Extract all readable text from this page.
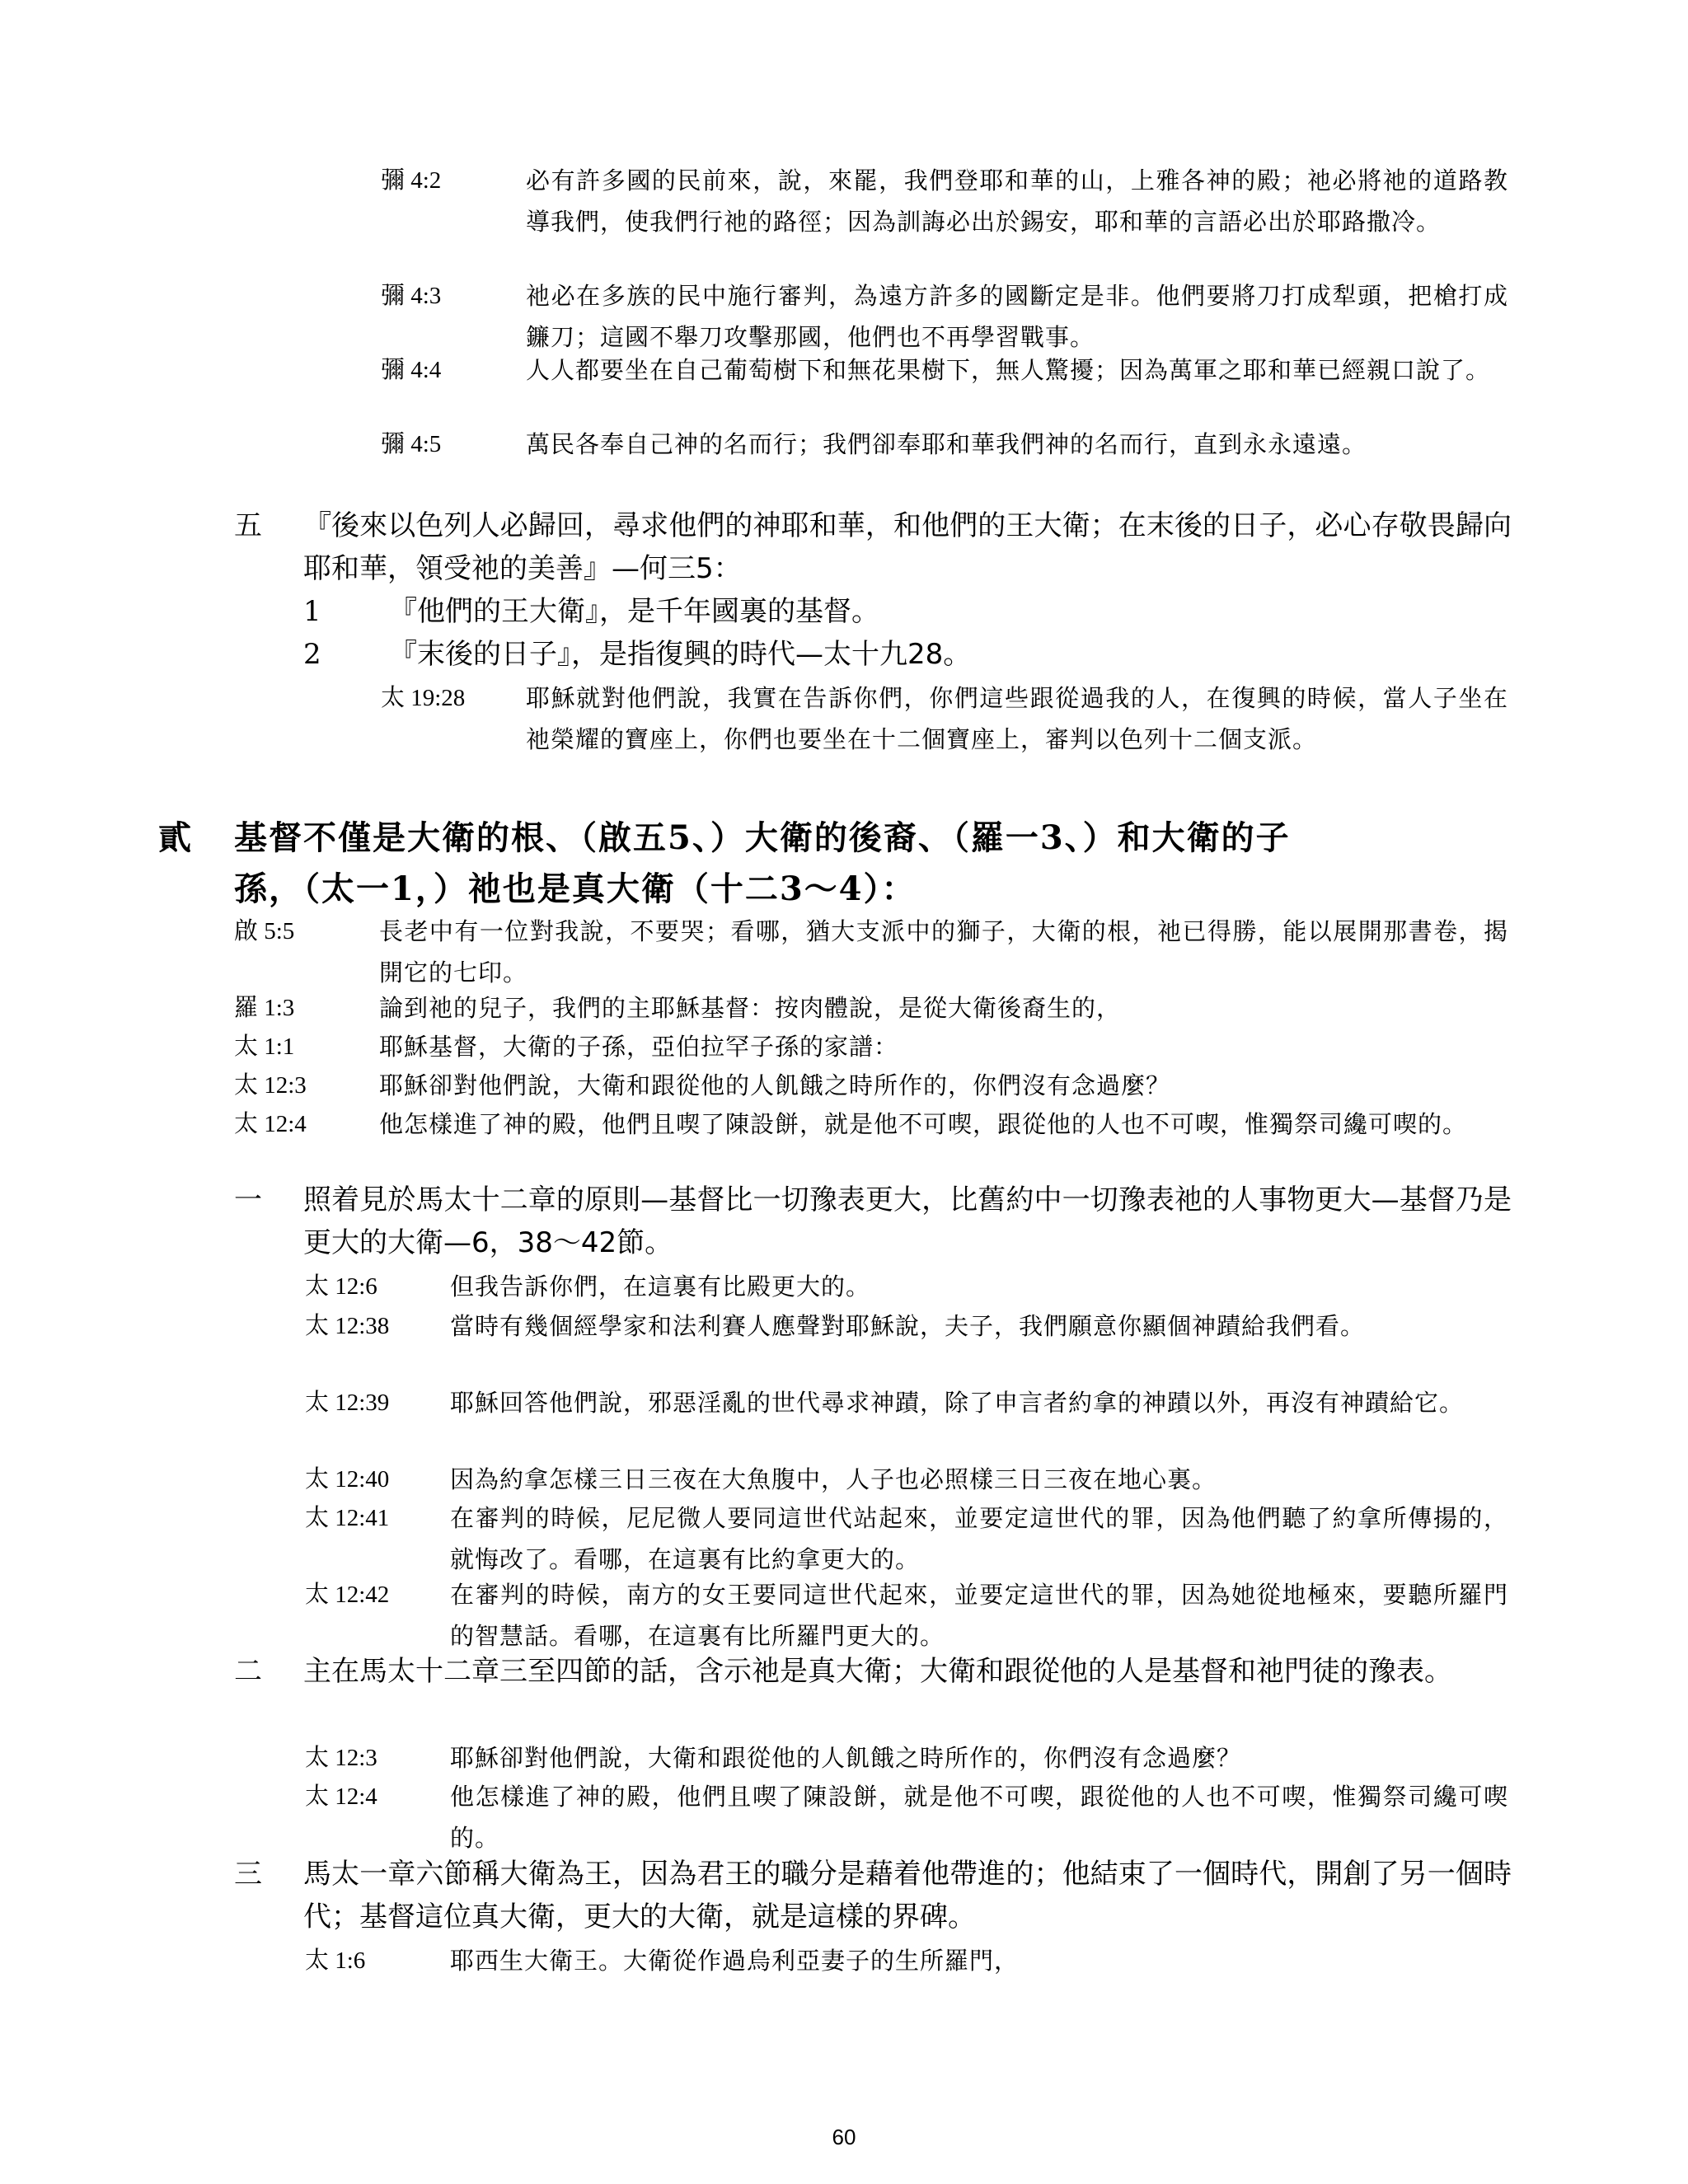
彌 4:2	必有許多國的民前來，說，來罷，我們登耶和華的山，上雅各神的殿；祂必將祂的道路教導我們，使我們行祂的路徑；因為訓誨必出於錫安，耶和華的言語必出於耶路撒冷。
彌 4:3	祂必在多族的民中施行審判，為遠方許多的國斷定是非。他們要將刀打成犁頭，把槍打成鐮刀；這國不舉刀攻擊那國，他們也不再學習戰事。
彌 4:4	人人都要坐在自己葡萄樹下和無花果樹下，無人驚擾；因為萬軍之耶和華已經親口說了。
彌 4:5	萬民各奉自己神的名而行；我們卻奉耶和華我們神的名而行，直到永永遠遠。
五	『後來以色列人必歸回，尋求他們的神耶和華，和他們的王大衛；在末後的日子，必心存敬畏歸向耶和華，領受祂的美善』—何三5：
1	『他們的王大衛』，是千年國裏的基督。
2	『末後的日子』，是指復興的時代—太十九28。
太 19:28	耶穌就對他們說，我實在告訴你們，你們這些跟從過我的人，在復興的時候，當人子坐在祂榮耀的寶座上，你們也要坐在十二個寶座上，審判以色列十二個支派。
貳	基督不僅是大衛的根、（啟五5、）大衛的後裔、（羅一3、）和大衛的子
孫，（太一1，）祂也是真大衛（十二3～4）：
啟 5:5	長老中有一位對我說，不要哭；看哪，猶大支派中的獅子，大衛的根，祂已得勝，能以展開那書卷，揭開它的七印。
羅 1:3	論到祂的兒子，我們的主耶穌基督：按肉體說，是從大衛後裔生的，
太 1:1	耶穌基督，大衛的子孫，亞伯拉罕子孫的家譜：
太 12:3	耶穌卻對他們說，大衛和跟從他的人飢餓之時所作的，你們沒有念過麼？
太 12:4	他怎樣進了神的殿，他們且喫了陳設餅，就是他不可喫，跟從他的人也不可喫，惟獨祭司纔可喫的。
一	照着見於馬太十二章的原則—基督比一切豫表更大，比舊約中一切豫表祂的人事物更大—基督乃是更大的大衛—6，38～42節。
太 12:6	但我告訴你們，在這裏有比殿更大的。
太 12:38	當時有幾個經學家和法利賽人應聲對耶穌說，夫子，我們願意你顯個神蹟給我們看。
太 12:39	耶穌回答他們說，邪惡淫亂的世代尋求神蹟，除了申言者約拿的神蹟以外，再沒有神蹟給它。
太 12:40	因為約拿怎樣三日三夜在大魚腹中，人子也必照樣三日三夜在地心裏。
太 12:41	在審判的時候，尼尼微人要同這世代站起來，並要定這世代的罪，因為他們聽了約拿所傳揚的，就悔改了。看哪，在這裏有比約拿更大的。
太 12:42	在審判的時候，南方的女王要同這世代起來，並要定這世代的罪，因為她從地極來，要聽所羅門的智慧話。看哪，在這裏有比所羅門更大的。
二	主在馬太十二章三至四節的話，含示祂是真大衛；大衛和跟從他的人是基督和祂門徒的豫表。
太 12:3	耶穌卻對他們說，大衛和跟從他的人飢餓之時所作的，你們沒有念過麼？
太 12:4	他怎樣進了神的殿，他們且喫了陳設餅，就是他不可喫，跟從他的人也不可喫，惟獨祭司纔可喫的。
三	馬太一章六節稱大衛為王，因為君王的職分是藉着他帶進的；他結束了一個時代，開創了另一個時代；基督這位真大衛，更大的大衛，就是這樣的界碑。
太 1:6	耶西生大衛王。大衛從作過烏利亞妻子的生所羅門，
60
